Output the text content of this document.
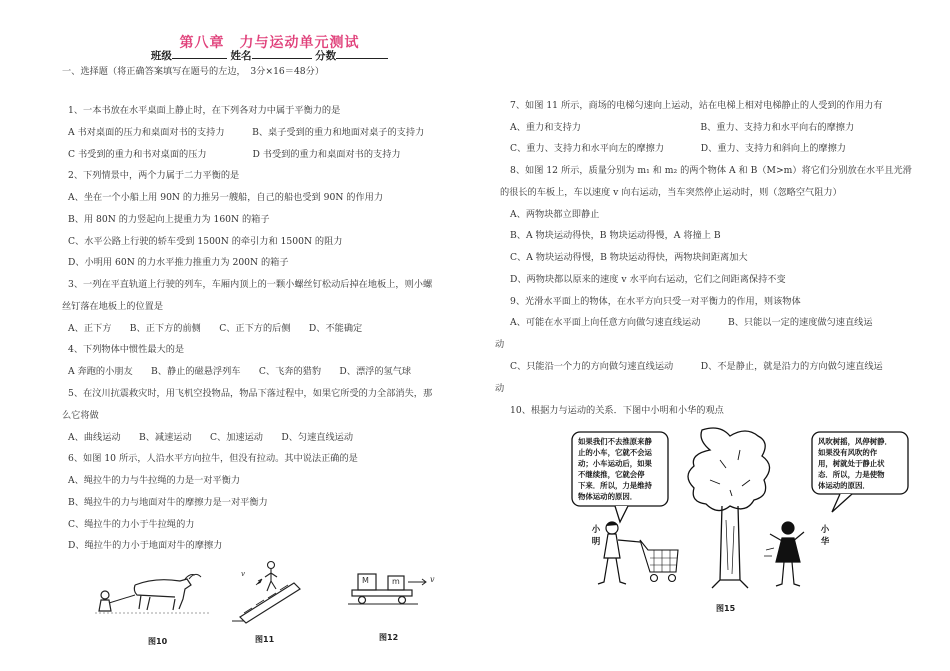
第八章　力与运动单元测试
班级	姓名	分数
一、选择题（将正确答案填写在题号的左边，　3分×16＝48分）
1、一本书放在水平桌面上静止时，在下列各对力中属于平衡力的是
A 书对桌面的压力和桌面对书的支持力　　　B、桌子受到的重力和地面对桌子的支持力
C 书受到的重力和书对桌面的压力　　　　　D 书受到的重力和桌面对书的支持力
2、下列情景中，两个力属于二力平衡的是
A、坐在一个小船上用 90N 的力推另一艘船，自己的船也受到 90N 的作用力
B、用 80N 的力竖起向上提重力为 160N 的箱子
C、水平公路上行驶的轿车受到 1500N 的牵引力和 1500N 的阻力
D、小明用 60N 的力水平推力推重力为 200N 的箱子
3、一列在平直轨道上行驶的列车，车厢内顶上的一颗小螺丝钉松动后掉在地板上，则小螺
丝钉落在地板上的位置是
A、正下方　　B、正下方的前侧　　C、正下方的后侧　　D、不能确定
4、下列物体中惯性最大的是
A 奔跑的小朋友　　B、静止的磁悬浮列车　　C、飞奔的猎豹　　D、漂浮的氢气球
5、在汶川抗震救灾时，用飞机空投物品，物品下落过程中，如果它所受的力全部消失，那
么它将做
A、曲线运动　　B、减速运动　　C、加速运动　　D、匀速直线运动
6、如图 10 所示，人沿水平方向拉牛，但没有拉动。其中说法正确的是
A、绳拉牛的力与牛拉绳的力是一对平衡力
B、绳拉牛的力与地面对牛的摩擦力是一对平衡力
C、绳拉牛的力小于牛拉绳的力
D、绳拉牛的力小于地面对牛的摩擦力
图10
v
图11
M	m	v
图12
7、如图 11 所示，商场的电梯匀速向上运动，站在电梯上相对电梯静止的人受到的作用力有
A、重力和支持力　　　　　　　　　　　　　B、重力、支持力和水平向右的摩擦力
C、重力、支持力和水平向左的摩擦力　　　　D、重力、支持力和斜向上的摩擦力
8、如图 12 所示，质量分别为 m₁ 和 m₂ 的两个物体 A 和 B（M>m）将它们分别放在水平且光滑
的很长的车板上，车以速度 v 向右运动，当车突然停止运动时，则（忽略空气阻力）
A、两物块都立即静止
B、A 物块运动得快，B 物块运动得慢，A 将撞上 B
C、A 物块运动得慢，B 物块运动得快，两物块间距离加大
D、两物块都以原来的速度 v 水平向右运动，它们之间距离保持不变
9、光滑水平面上的物体，在水平方向只受一对平衡力的作用，则该物体
A、可能在水平面上向任意方向做匀速直线运动　　　B、只能以一定的速度做匀速直线运
动
C、只能沿一个力的方向做匀速直线运动　　　D、不是静止，就是沿力的方向做匀速直线运
动
10、根据力与运动的关系．下图中小明和小华的观点
如果我们不去推原来静
止的小车，它就不会运
动；小车运动后，如果
不继续推，它就会停
下来．所以，力是维持
物体运动的原因．
风吹树摇，风停树静．
如果没有风吹的作
用，树就处于静止状
态．所以，力是使物
体运动的原因．
小明
小华
图15
